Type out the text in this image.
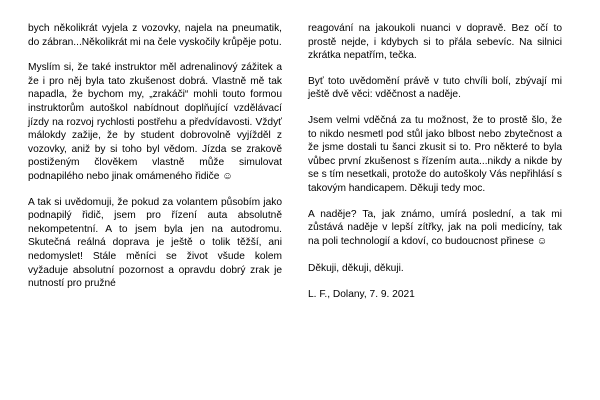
bych několikrát vyjela z vozovky, najela na pneumatik, do zábran...Několikrát mi na čele vyskočily krůpěje potu.

Myslím si, že také instruktor měl adrenalinový zážitek a že i pro něj byla tato zkušenost dobrá. Vlastně mě tak napadla, že bychom my, „zrakáči“ mohli touto formou instruktorům autoškol nabídnout doplňující vzdělávací jízdy na rozvoj rychlosti postřehu a předvídavosti. Vždyť málokdy zažije, že by student dobrovolně vyjížděl z vozovky, aniž by si toho byl vědom. Jízda se zrakově postiženým člověkem vlastně může simulovat podnapilého nebo jinak omámeného řidiče ☺

A tak si uvědomuji, že pokud za volantem působím jako podnapilý řidič, jsem pro řízení auta absolutně nekompetentní. A to jsem byla jen na autodromu. Skutečná reálná doprava je ještě o tolik těžší, ani nedomyslet! Stále měníci se život všude kolem vyžaduje absolutní pozornost a opravdu dobrý zrak je nutností pro pružné

reagování na jakoukoli nuanci v dopravě. Bez očí to prostě nejde, i kdybych si to přála sebevíc. Na silnici zkrátka nepatřím, tečka.

Byť toto uvědomění právě v tuto chvíli bolí, zbývají mi ještě dvě věci: vděčnost a naděje.

Jsem velmi vděčná za tu možnost, že to prostě šlo, že to nikdo nesmetl pod stůl jako blbost nebo zbytečnost a že jsme dostali tu šanci zkusit si to. Pro některé to byla vůbec první zkušenost s řízením auta...nikdy a nikde by se s tím nesetkali, protože do autoškoly Vás nepřihlásí s takovým handicapem. Děkuji tedy moc.

A naděje? Ta, jak známo, umírá poslední, a tak mi zůstává naděje v lepší zítřky, jak na poli medicíny, tak na poli technologií a kdoví, co budoucnost přinese ☺

Děkuji, děkuji, děkuji.

L. F., Dolany, 7. 9. 2021
